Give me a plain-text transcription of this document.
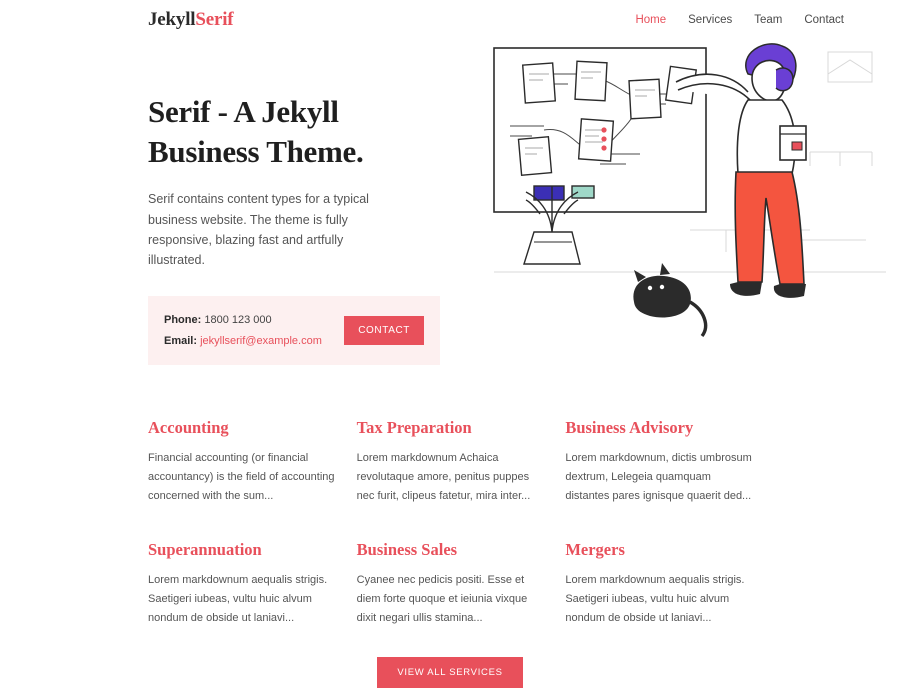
JekyllSerif	Home Services Team Contact
Serif - A Jekyll
Business Theme.

Serif contains content types for a typical business website. The theme is fully responsive, blazing fast and artfully illustrated.

Phone: 1800 123 000
Email: jekyllserif@example.com
CONTACT
Accounting

Financial accounting (or financial accountancy) is the field of accounting concerned with the sum...

Tax Preparation

Lorem markdownum Achaica revolutaque amore, penitus puppes nec furit, clipeus fatetur, mira inter...

Business Advisory

Lorem markdownum, dictis umbrosum dextrum, Lelegeia quamquam distantes pares ignisque quaerit ded...

Superannuation

Lorem markdownum aequalis strigis. Saetigeri iubeas, vultu huic alvum nondum de obside ut laniavi...

Business Sales

Cyanee nec pedicis positi. Esse et diem forte quoque et ieiunia vixque dixit negari ullis stamina...

Mergers

Lorem markdownum aequalis strigis. Saetigeri iubeas, vultu huic alvum nondum de obside ut laniavi...

VIEW ALL SERVICES
